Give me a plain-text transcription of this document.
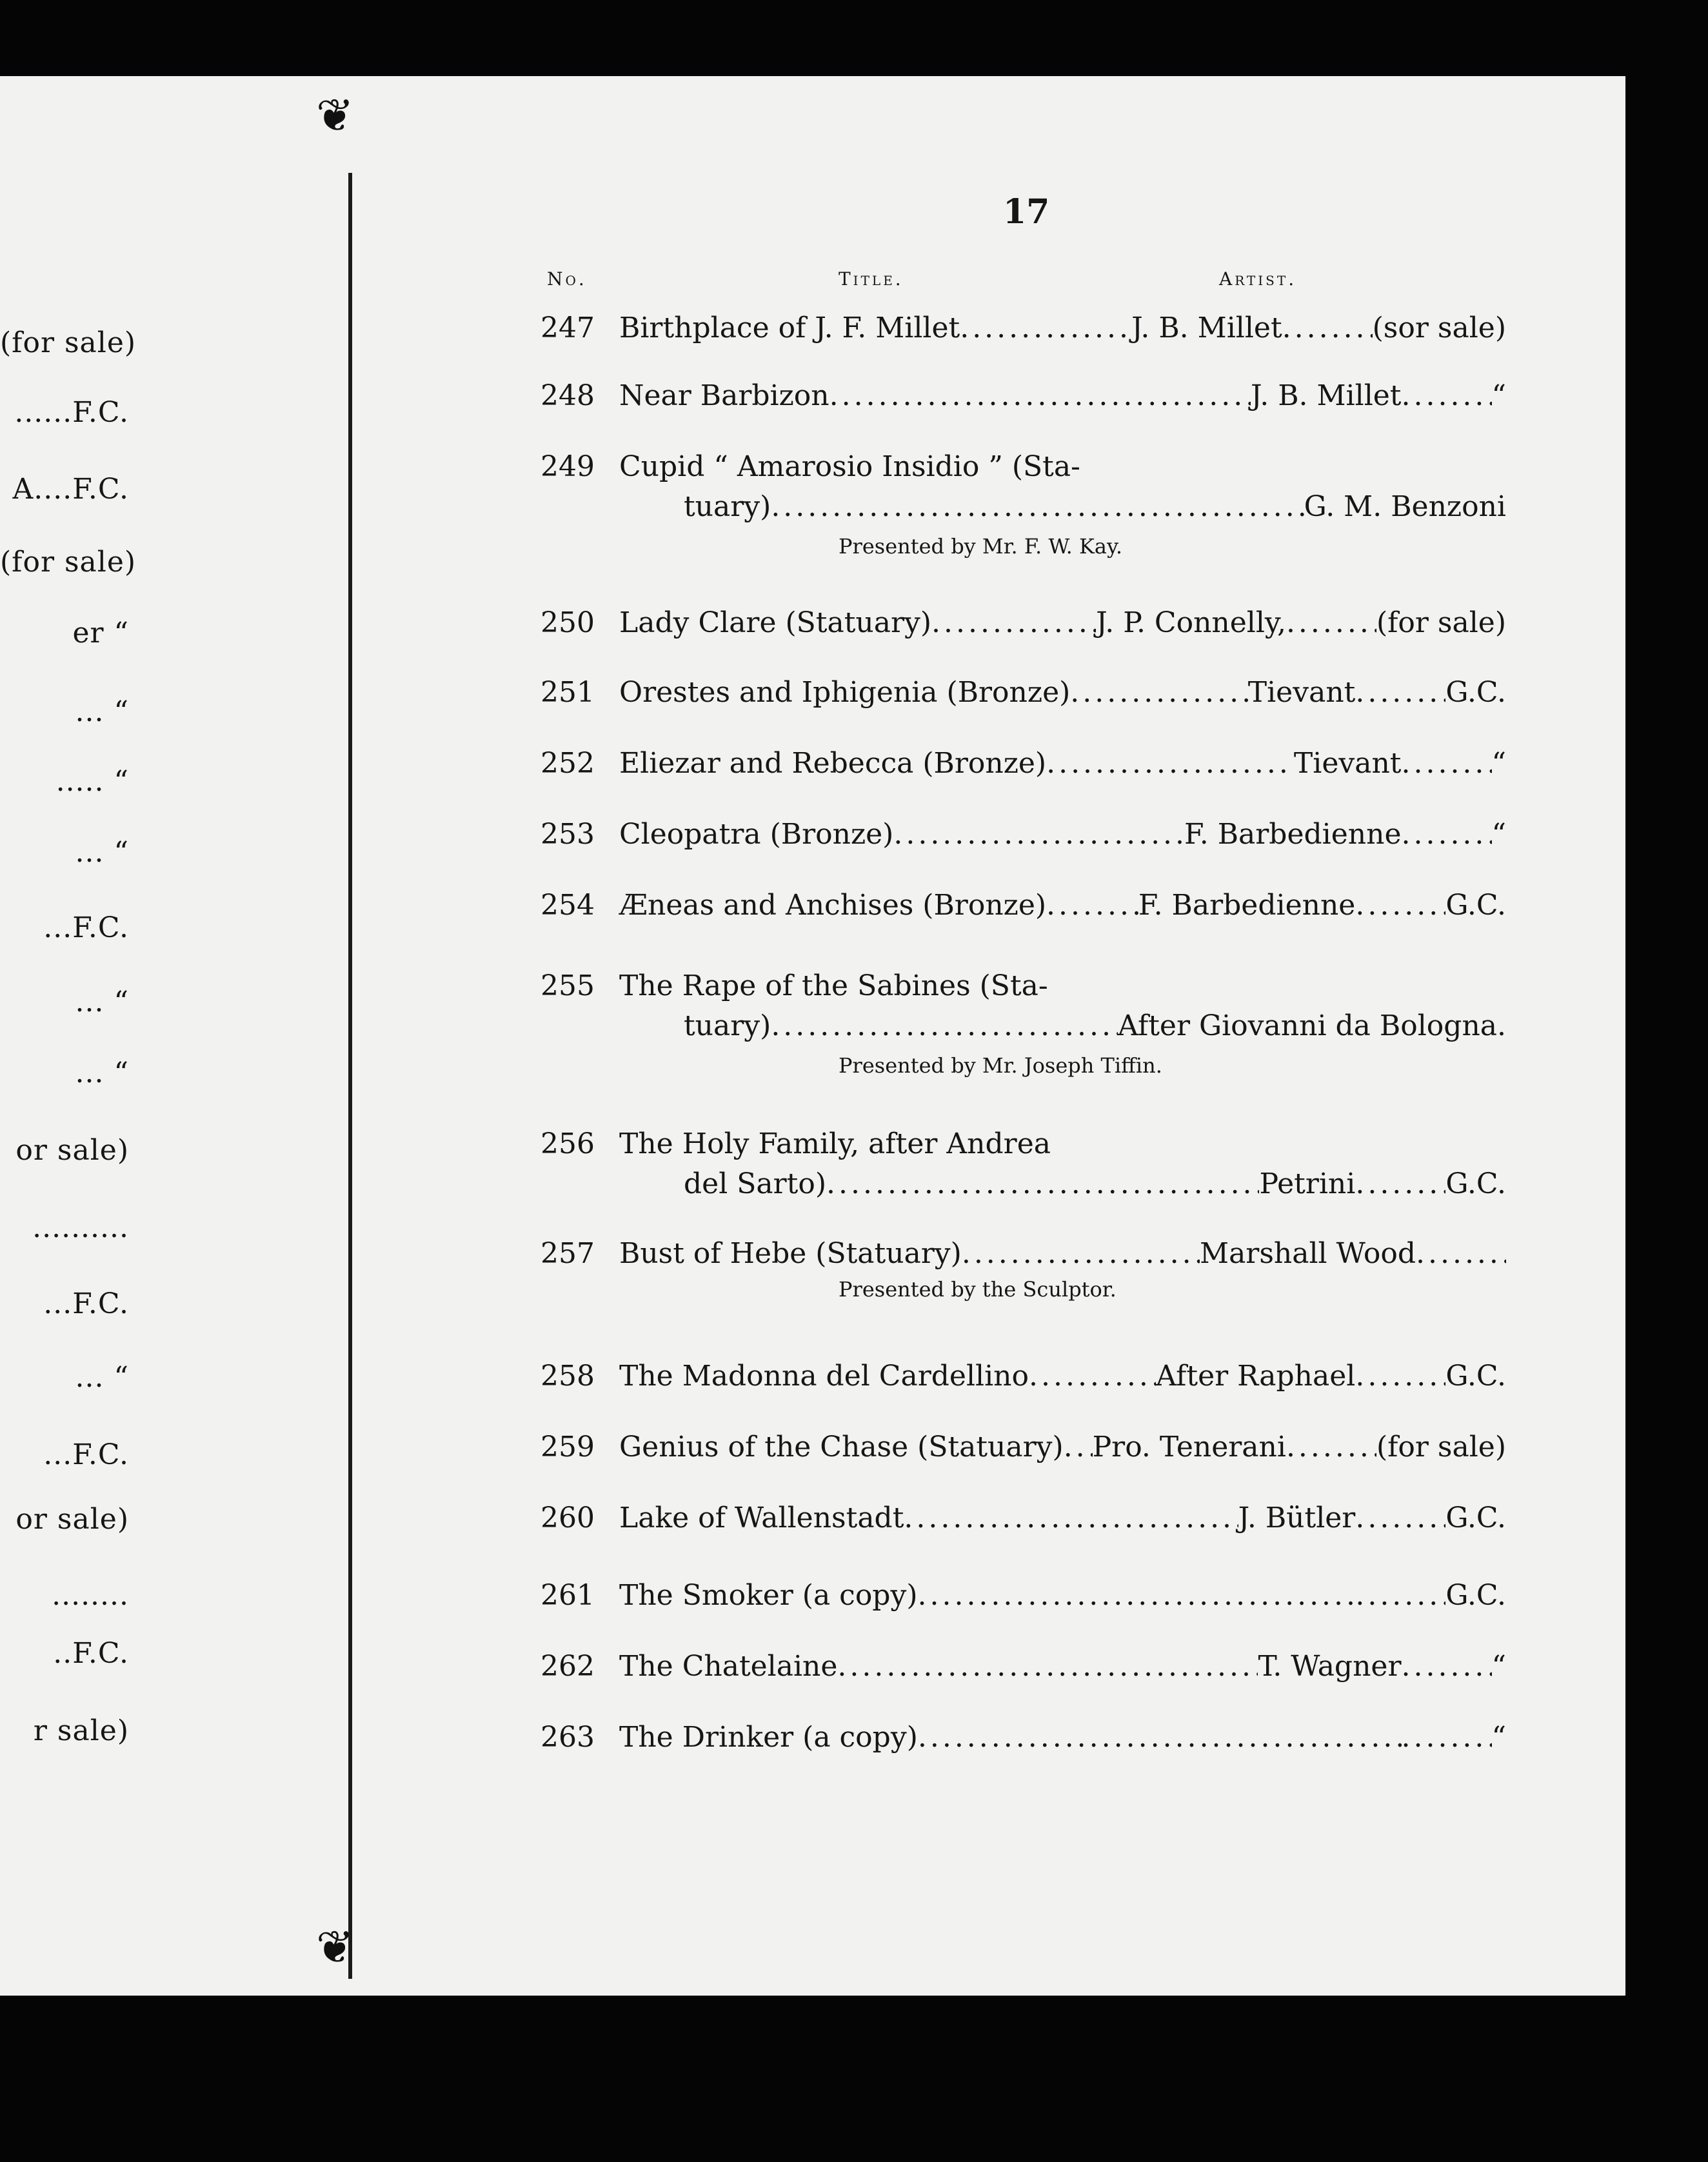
(for sale)
......F.C.
A....F.C.
(for sale)
er “
... “
..... “
... “
...F.C.
... “
... “
or sale)
..........
...F.C.
... “
...F.C.
or sale)
........
..F.C.
r sale)
❦
❦
17
No.	Title.	Artist.
247 Birthplace of J. F. Millet .....	J. B. Millet .....	(sor sale)
248 Near Barbizon .....	J. B. Millet .....	“
249 Cupid “ Amarosio Insidio ” (Sta-
tuary) .....	G. M. Benzoni
Presented by Mr. F. W. Kay.
250 Lady Clare (Statuary) .....	J. P. Connelly, .....	(for sale)
251 Orestes and Iphigenia (Bronze) .....	Tievant .....	G.C.
252 Eliezar and Rebecca (Bronze) .....	Tievant .....	“
253 Cleopatra (Bronze) .....	F. Barbedienne .....	“
254 Æneas and Anchises (Bronze) .....	F. Barbedienne .....	G.C.
255 The Rape of the Sabines (Sta-
tuary) .....	After Giovanni da Bologna.
Presented by Mr. Joseph Tiffin.
256 The Holy Family, after Andrea
del Sarto) .....	Petrini .....	G.C.
257 Bust of Hebe (Statuary) .....	Marshall Wood
.....
Presented by the Sculptor.
258 The Madonna del Cardellino .....	After Raphael .....	G.C.
259 Genius of the Chase (Statuary) ..... Pro. Tenerani .....	(for sale)
260 Lake of Wallenstadt .....	J. Bütler .....	G.C.
261 The Smoker (a copy) ..... .....	G.C.
262 The Chatelaine .....	T. Wagner .....	“
263 The Drinker (a copy) ..... .....	“
